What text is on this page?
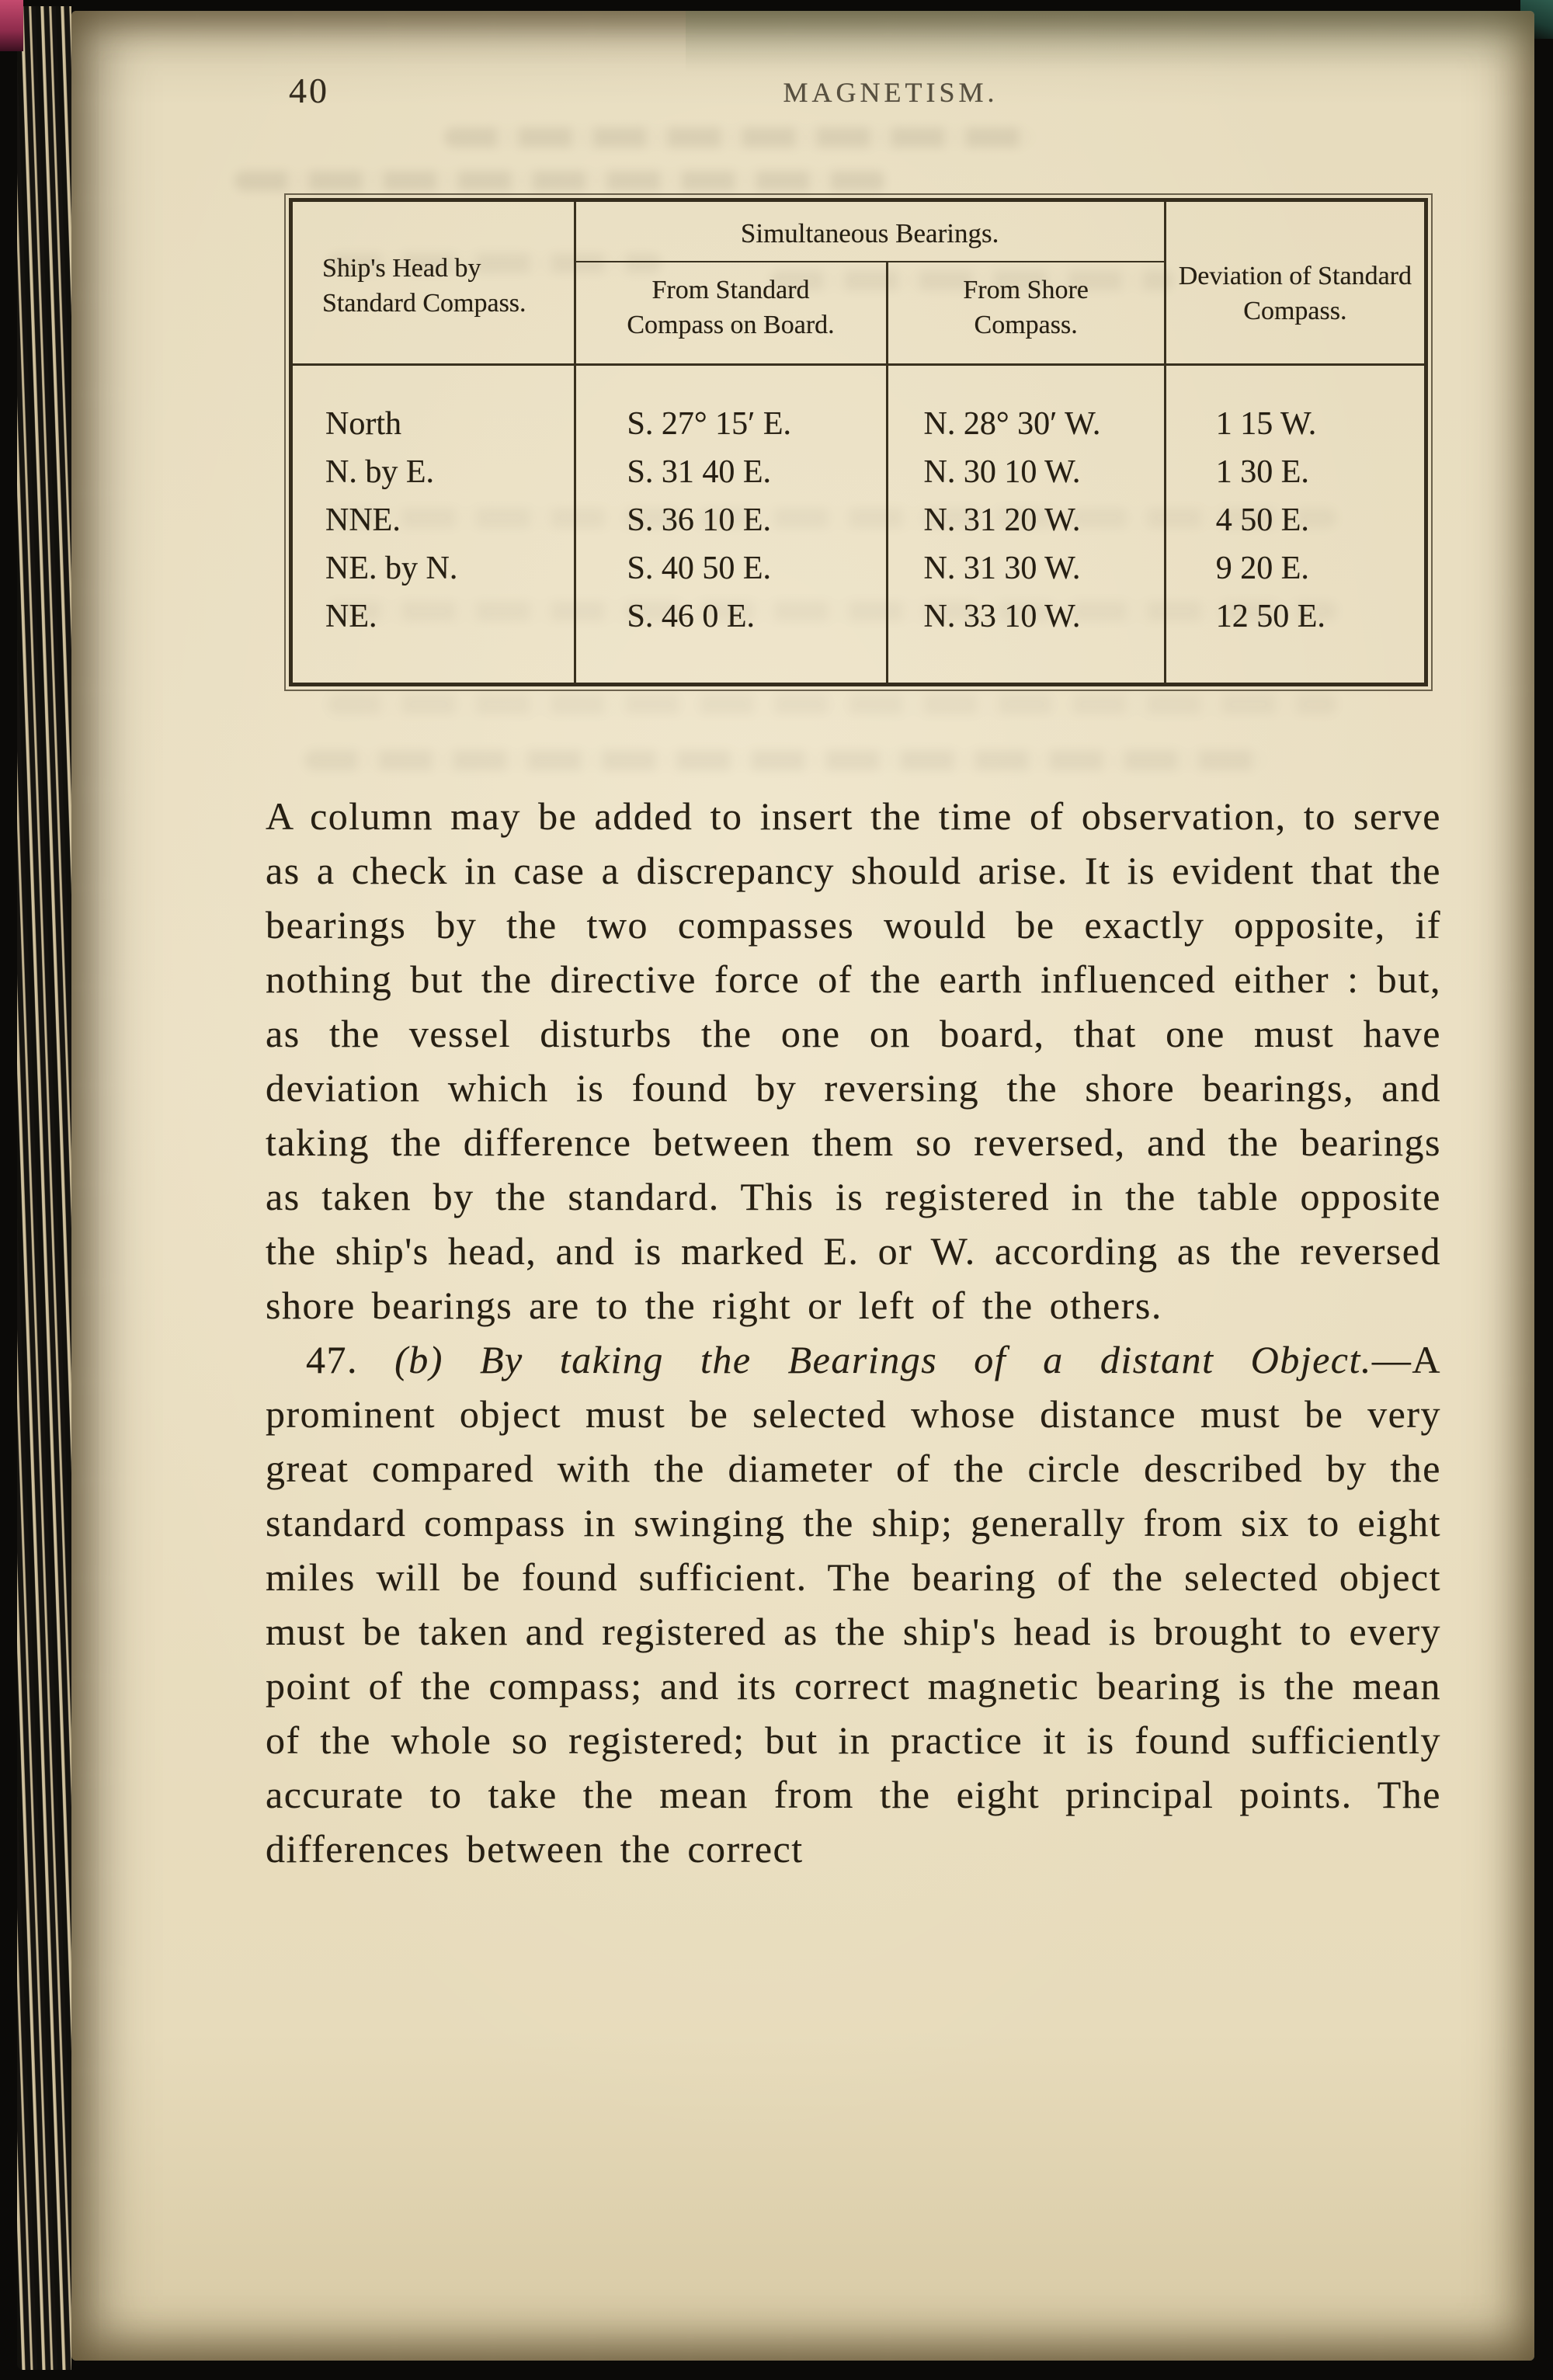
40	MAGNETISM.
Ship's Head by Standard Compass.	Simultaneous Bearings.		Deviation of Standard Compass.
	From Standard Compass on Board.	From Shore Compass.	
North	S. 27° 15′ E.	N. 28° 30′ W.	1 15 W.
N. by E.	S. 31 40 E.	N. 30 10 W.	1 30 E.
NNE.	S. 36 10 E.	N. 31 20 W.	4 50 E.
NE. by N.	S. 40 50 E.	N. 31 30 W.	9 20 E.
NE.	S. 46 0 E.	N. 33 10 W.	12 50 E.

A column may be added to insert the time of observation, to serve as a check in case a discrepancy should arise. It is evident that the bearings by the two compasses would be exactly opposite, if nothing but the directive force of the earth influenced either : but, as the vessel disturbs the one on board, that one must have deviation which is found by reversing the shore bearings, and taking the difference between them so reversed, and the bearings as taken by the standard. This is registered in the table opposite the ship's head, and is marked E. or W. according as the reversed shore bearings are to the right or left of the others.

47. (b) By taking the Bearings of a distant Object.—A prominent object must be selected whose distance must be very great compared with the diameter of the circle described by the standard compass in swinging the ship; generally from six to eight miles will be found sufficient. The bearing of the selected object must be taken and registered as the ship's head is brought to every point of the compass; and its correct magnetic bearing is the mean of the whole so registered; but in practice it is found sufficiently accurate to take the mean from the eight principal points. The differences between the correct
